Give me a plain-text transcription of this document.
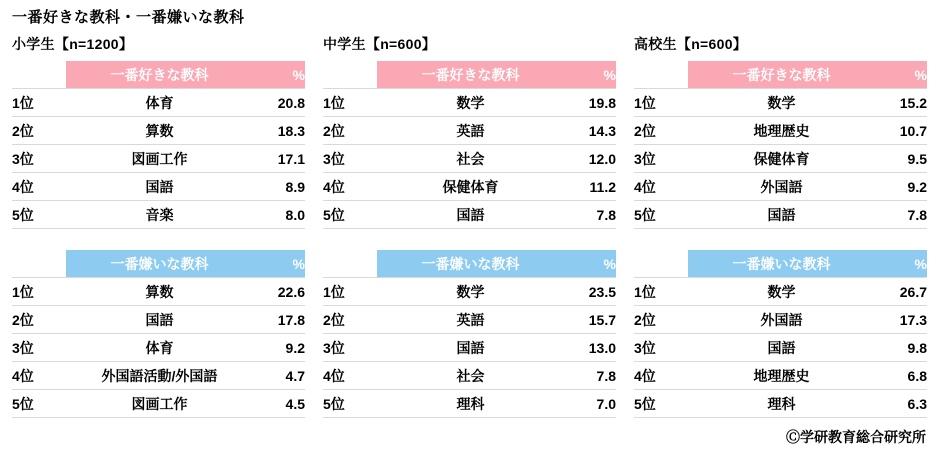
一番好きな教科・一番嫌いな教科
小学生【n=1200】
	一番好きな教科	%
1位	体育	20.8
2位	算数	18.3
3位	図画工作	17.1
4位	国語	8.9
5位	音楽	8.0
	一番嫌いな教科	%
1位	算数	22.6
2位	国語	17.8
3位	体育	9.2
4位	外国語活動/外国語	4.7
5位	図画工作	4.5
中学生【n=600】
	一番好きな教科	%
1位	数学	19.8
2位	英語	14.3
3位	社会	12.0
4位	保健体育	11.2
5位	国語	7.8
	一番嫌いな教科	%
1位	数学	23.5
2位	英語	15.7
3位	国語	13.0
4位	社会	7.8
5位	理科	7.0
高校生【n=600】
	一番好きな教科	%
1位	数学	15.2
2位	地理歴史	10.7
3位	保健体育	9.5
4位	外国語	9.2
5位	国語	7.8
	一番嫌いな教科	%
1位	数学	26.7
2位	外国語	17.3
3位	国語	9.8
4位	地理歴史	6.8
5位	理科	6.3
Ⓒ学研教育総合研究所
